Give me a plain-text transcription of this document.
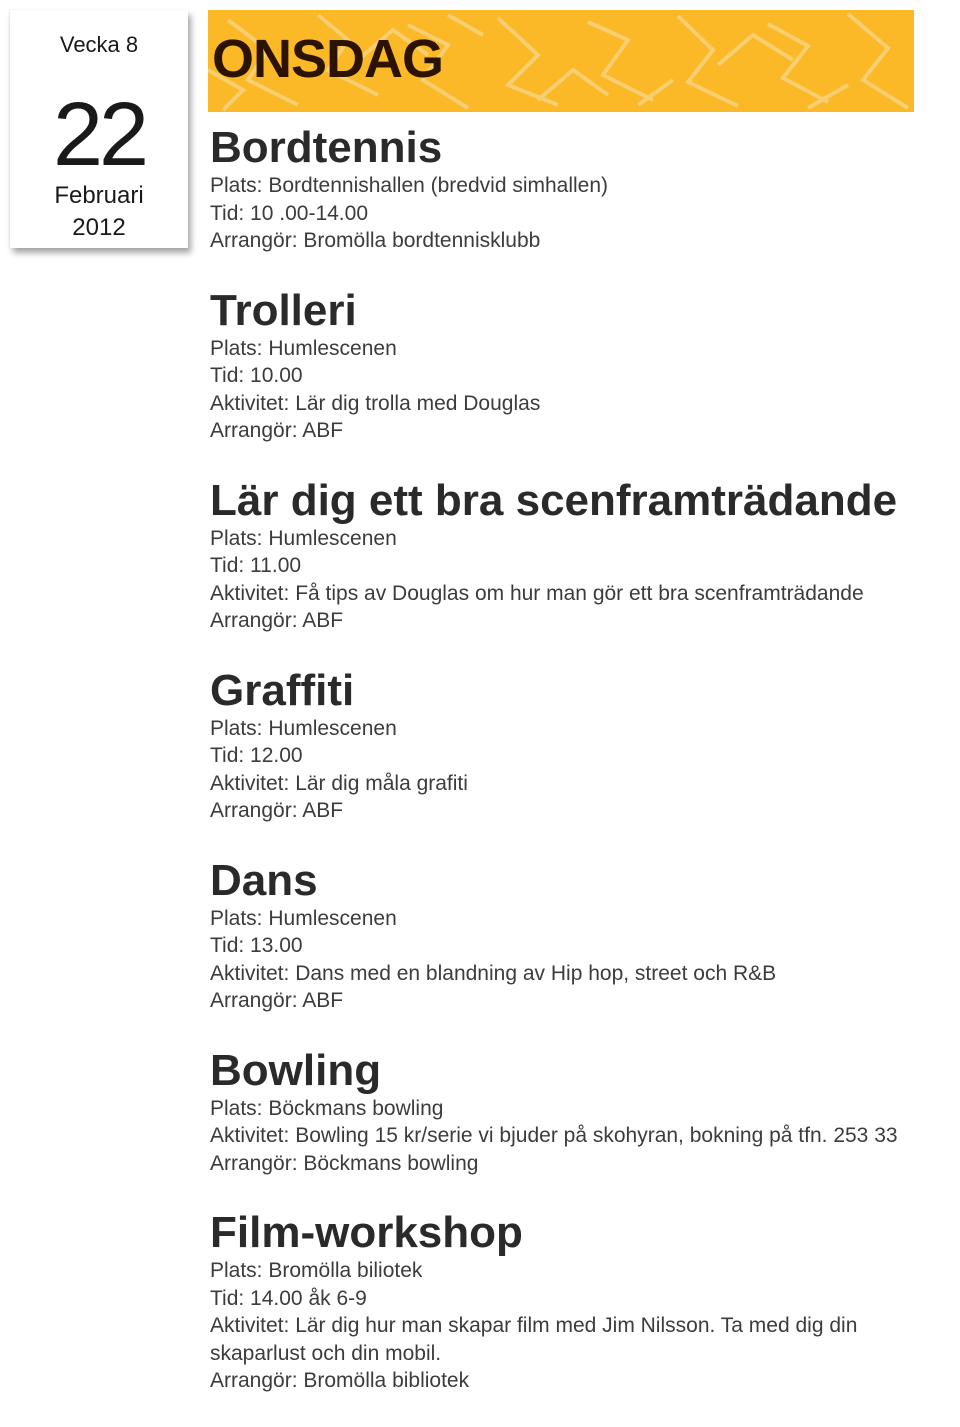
Vecka 8
22
Februari
2012
ONSDAG
Bordtennis
Plats: Bordtennishallen (bredvid simhallen)
Tid: 10 .00-14.00
Arrangör: Bromölla bordtennisklubb
Trolleri
Plats: Humlescenen
Tid: 10.00
Aktivitet: Lär dig trolla med Douglas
Arrangör: ABF
Lär dig ett bra scenframträdande
Plats: Humlescenen
Tid: 11.00
Aktivitet: Få tips av Douglas om hur man gör ett bra scenframträdande
Arrangör: ABF
Graffiti
Plats: Humlescenen
Tid: 12.00
Aktivitet: Lär dig måla grafiti
Arrangör: ABF
Dans
Plats: Humlescenen
Tid: 13.00
Aktivitet: Dans med en blandning av Hip hop, street och R&B
Arrangör: ABF
Bowling
Plats: Böckmans bowling
Aktivitet: Bowling 15 kr/serie vi bjuder på skohyran, bokning på tfn. 253 33
Arrangör: Böckmans bowling
Film-workshop
Plats: Bromölla biliotek
Tid: 14.00 åk 6-9
Aktivitet: Lär dig hur man skapar film med Jim Nilsson. Ta med dig din skaparlust och din mobil.
Arrangör: Bromölla bibliotek
